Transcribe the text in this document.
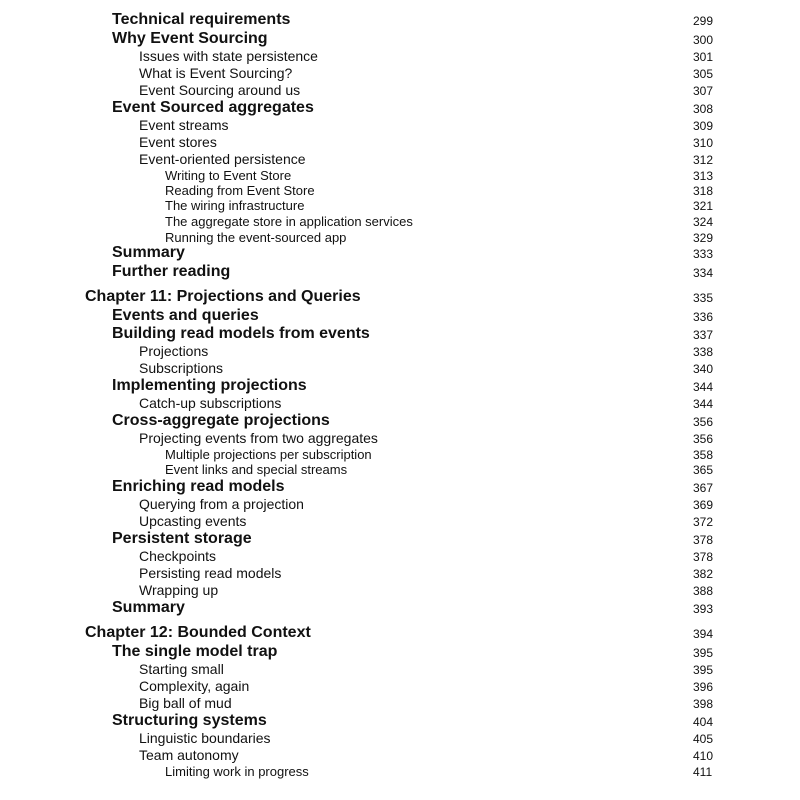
Technical requirements	299
Why Event Sourcing	300
Issues with state persistence	301
What is Event Sourcing?	305
Event Sourcing around us	307
Event Sourced aggregates	308
Event streams	309
Event stores	310
Event-oriented persistence	312
Writing to Event Store	313
Reading from Event Store	318
The wiring infrastructure	321
The aggregate store in application services	324
Running the event-sourced app	329
Summary	333
Further reading	334
Chapter 11: Projections and Queries	335
Events and queries	336
Building read models from events	337
Projections	338
Subscriptions	340
Implementing projections	344
Catch-up subscriptions	344
Cross-aggregate projections	356
Projecting events from two aggregates	356
Multiple projections per subscription	358
Event links and special streams	365
Enriching read models	367
Querying from a projection	369
Upcasting events	372
Persistent storage	378
Checkpoints	378
Persisting read models	382
Wrapping up	388
Summary	393
Chapter 12: Bounded Context	394
The single model trap	395
Starting small	395
Complexity, again	396
Big ball of mud	398
Structuring systems	404
Linguistic boundaries	405
Team autonomy	410
Limiting work in progress	411
